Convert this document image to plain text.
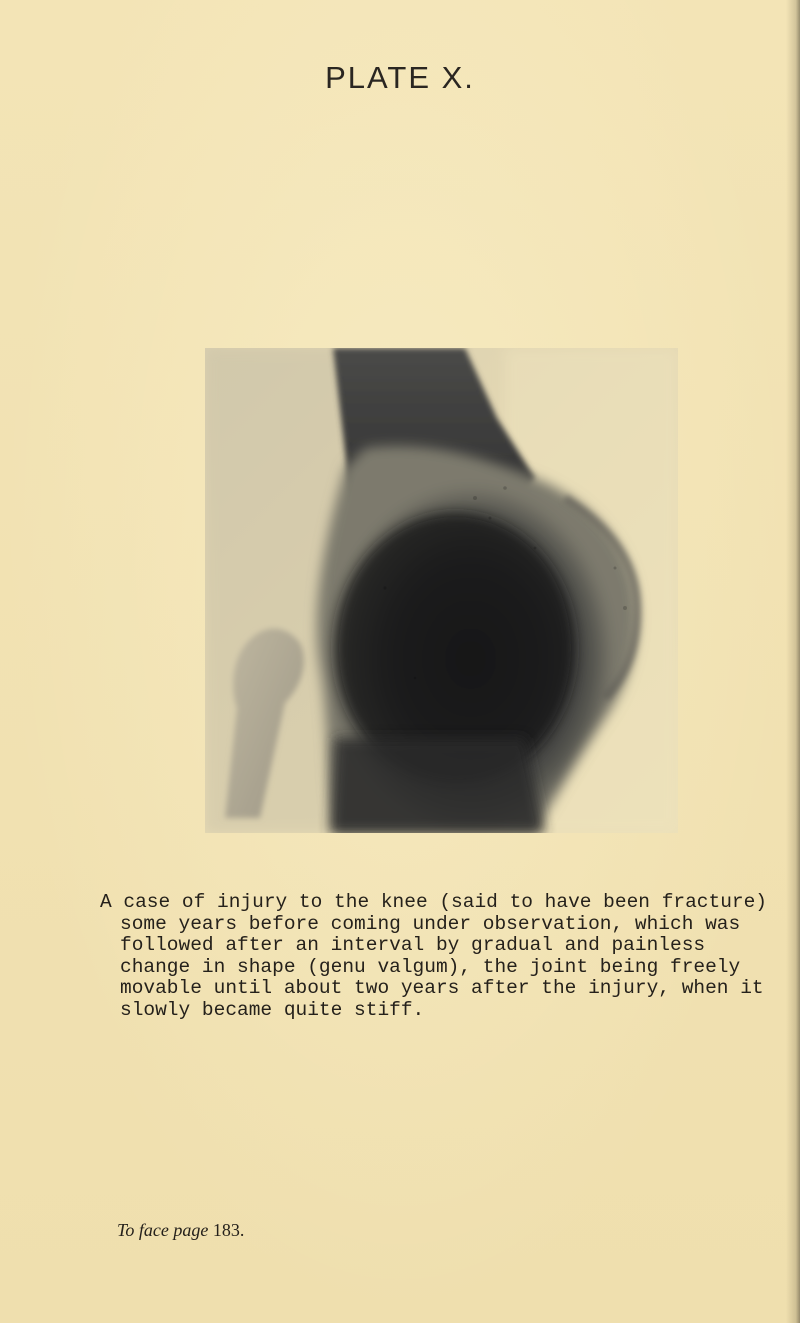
PLATE X.
A case of injury to the knee (said to have been fracture) some years before coming under observation, which was followed after an interval by gradual and painless change in shape (genu valgum), the joint being freely movable until about two years after the injury, when it slowly became quite stiff.
To face page 183.
